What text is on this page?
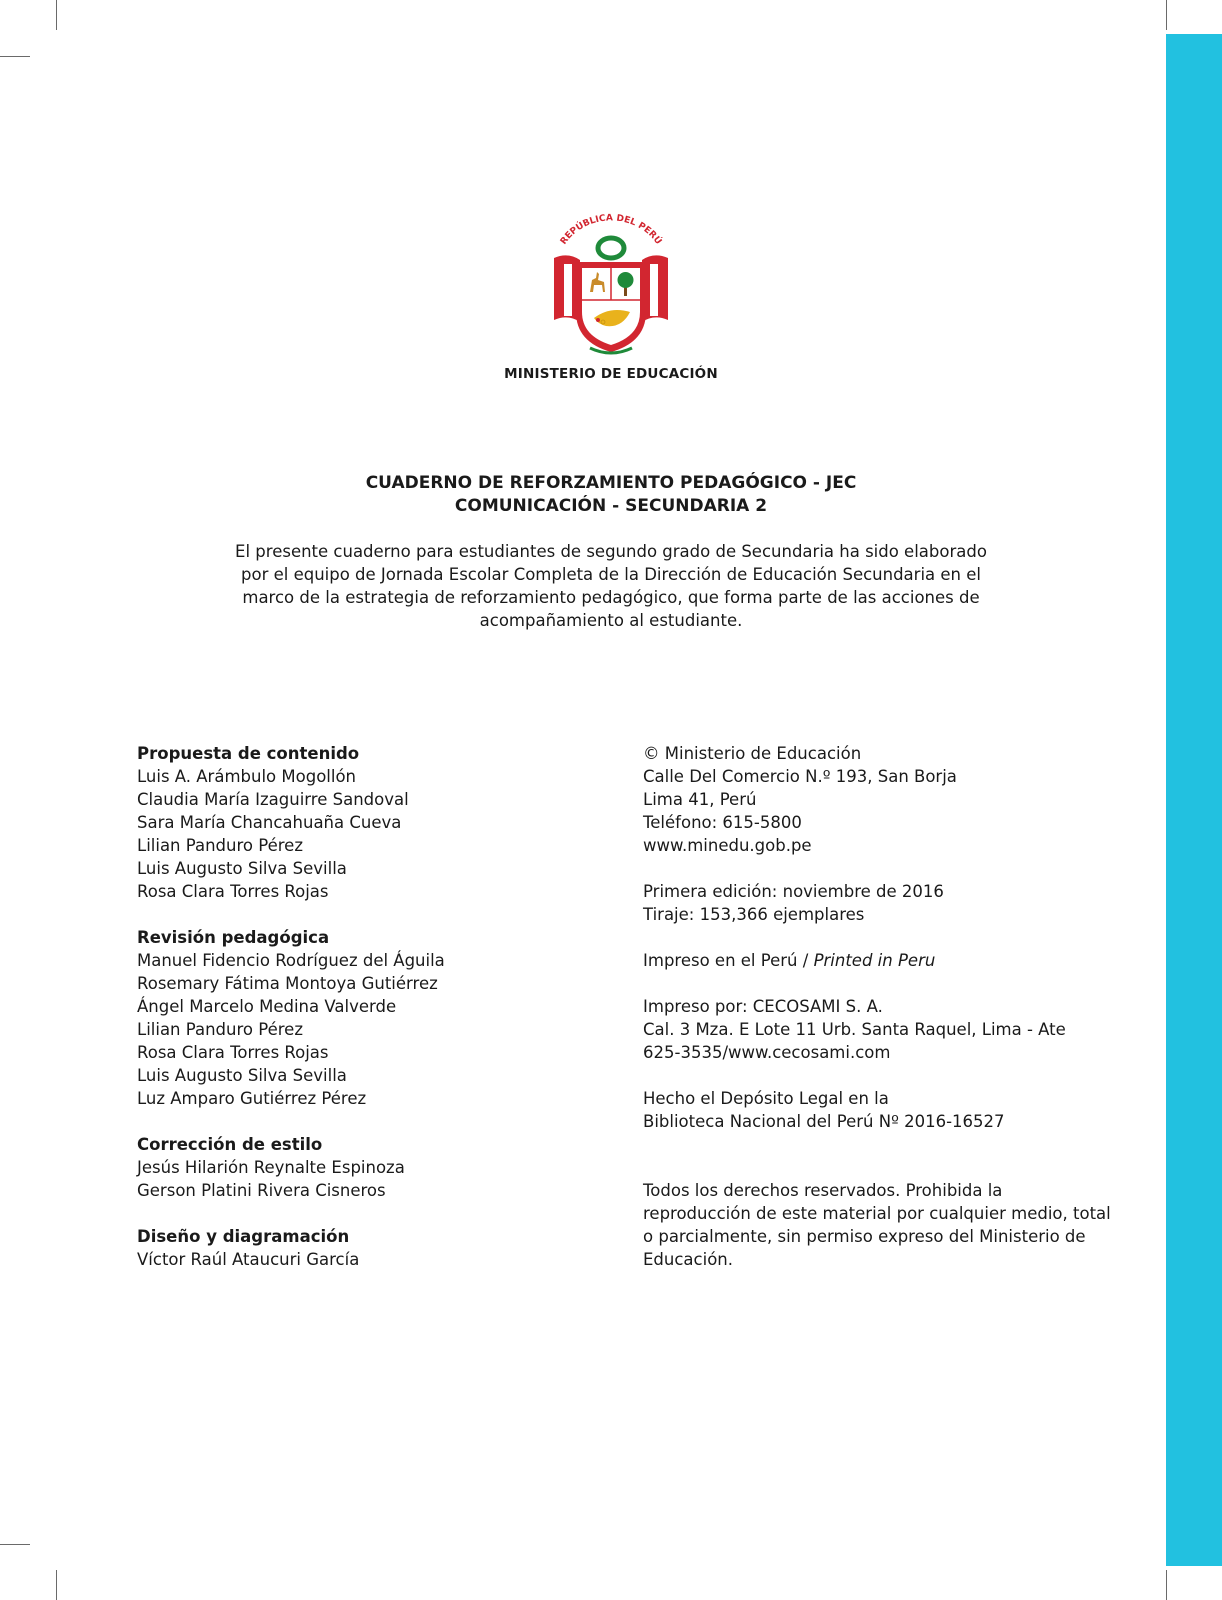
REPÚBLICA DEL PERÚ
MINISTERIO DE EDUCACIÓN
CUADERNO DE REFORZAMIENTO PEDAGÓGICO - JEC
COMUNICACIÓN - SECUNDARIA 2
El presente cuaderno para estudiantes de segundo grado de Secundaria ha sido elaborado
por el equipo de Jornada Escolar Completa de la Dirección de Educación Secundaria en el
marco de la estrategia de reforzamiento pedagógico, que forma parte de las acciones de
acompañamiento al estudiante.

Propuesta de contenido

Luis A. Arámbulo Mogollón

Claudia María Izaguirre Sandoval

Sara María Chancahuaña Cueva

Lilian Panduro Pérez

Luis Augusto Silva Sevilla

Rosa Clara Torres Rojas

Revisión pedagógica

Manuel Fidencio Rodríguez del Águila

Rosemary Fátima Montoya Gutiérrez

Ángel Marcelo Medina Valverde

Lilian Panduro Pérez

Rosa Clara Torres Rojas

Luis Augusto Silva Sevilla

Luz Amparo Gutiérrez Pérez

Corrección de estilo

Jesús Hilarión Reynalte Espinoza

Gerson Platini Rivera Cisneros

Diseño y diagramación

Víctor Raúl Ataucuri García

© Ministerio de Educación

Calle Del Comercio N.º 193, San Borja

Lima 41, Perú

Teléfono: 615-5800

www.minedu.gob.pe

Primera edición: noviembre de 2016

Tiraje: 153,366 ejemplares

Impreso en el Perú / Printed in Peru

Impreso por: CECOSAMI S. A.

Cal. 3 Mza. E Lote 11 Urb. Santa Raquel, Lima - Ate

625-3535/www.cecosami.com

Hecho el Depósito Legal en la

Biblioteca Nacional del Perú Nº 2016-16527

Todos los derechos reservados. Prohibida la reproducción de este material por cualquier medio, total o parcialmente, sin permiso expreso del Ministerio de Educación.
